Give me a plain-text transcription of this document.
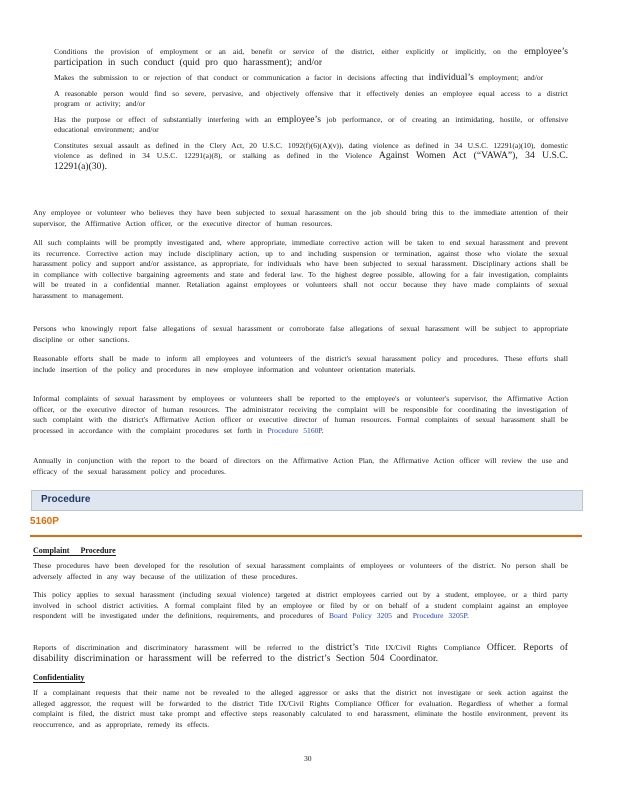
Conditions the provision of employment or an aid, benefit or service of the district, either explicitly or implicitly, on the employee’s participation in such conduct (quid pro quo harassment); and/or
Makes the submission to or rejection of that conduct or communication a factor in decisions affecting that individual’s employment; and/or
A reasonable person would find so severe, pervasive, and objectively offensive that it effectively denies an employee equal access to a district program or activity; and/or
Has the purpose or effect of substantially interfering with an employee’s job performance, or of creating an intimidating, hostile, or offensive educational environment; and/or
Constitutes sexual assault as defined in the Clery Act, 20 U.S.C. 1092(f)(6)(A)(v)), dating violence as defined in 34 U.S.C. 12291(a)(10), domestic violence as defined in 34 U.S.C. 12291(a)(8), or stalking as defined in the Violence Against Women Act (“VAWA”), 34 U.S.C. 12291(a)(30).
Any employee or volunteer who believes they have been subjected to sexual harassment on the job should bring this to the immediate attention of their supervisor, the Affirmative Action officer, or the executive director of human resources.
All such complaints will be promptly investigated and, where appropriate, immediate corrective action will be taken to end sexual harassment and prevent its recurrence. Corrective action may include disciplinary action, up to and including suspension or termination, against those who violate the sexual harassment policy and support and/or assistance, as appropriate, for individuals who have been subjected to sexual harassment. Disciplinary actions shall be in compliance with collective bargaining agreements and state and federal law. To the highest degree possible, allowing for a fair investigation, complaints will be treated in a confidential manner. Retaliation against employees or volunteers shall not occur because they have made complaints of sexual harassment to management.
Persons who knowingly report false allegations of sexual harassment or corroborate false allegations of sexual harassment will be subject to appropriate discipline or other sanctions.
Reasonable efforts shall be made to inform all employees and volunteers of the district's sexual harassment policy and procedures. These efforts shall include insertion of the policy and procedures in new employee information and volunteer orientation materials.
Informal complaints of sexual harassment by employees or volunteers shall be reported to the employee's or volunteer's supervisor, the Affirmative Action officer, or the executive director of human resources. The administrator receiving the complaint will be responsible for coordinating the investigation of such complaint with the district's Affirmative Action officer or executive director of human resources. Formal complaints of sexual harassment shall be processed in accordance with the complaint procedures set forth in Procedure 5160P.
Annually in conjunction with the report to the board of directors on the Affirmative Action Plan, the Affirmative Action officer will review the use and efficacy of the sexual harassment policy and procedures.
Procedure
5160P
Complaint Procedure
These procedures have been developed for the resolution of sexual harassment complaints of employees or volunteers of the district. No person shall be adversely affected in any way because of the utilization of these procedures.
This policy applies to sexual harassment (including sexual violence) targeted at district employees carried out by a student, employee, or a third party involved in school district activities. A formal complaint filed by an employee or filed by or on behalf of a student complaint against an employee respondent will be investigated under the definitions, requirements, and procedures of Board Policy 3205 and Procedure 3205P.
Reports of discrimination and discriminatory harassment will be referred to the district’s Title IX/Civil Rights Compliance Officer. Reports of disability discrimination or harassment will be referred to the district’s Section 504 Coordinator.
Confidentiality
If a complainant requests that their name not be revealed to the alleged aggressor or asks that the district not investigate or seek action against the alleged aggressor, the request will be forwarded to the district Title IX/Civil Rights Compliance Officer for evaluation. Regardless of whether a formal complaint is filed, the district must take prompt and effective steps reasonably calculated to end harassment, eliminate the hostile environment, prevent its reoccurrence, and as appropriate, remedy its effects.
30
